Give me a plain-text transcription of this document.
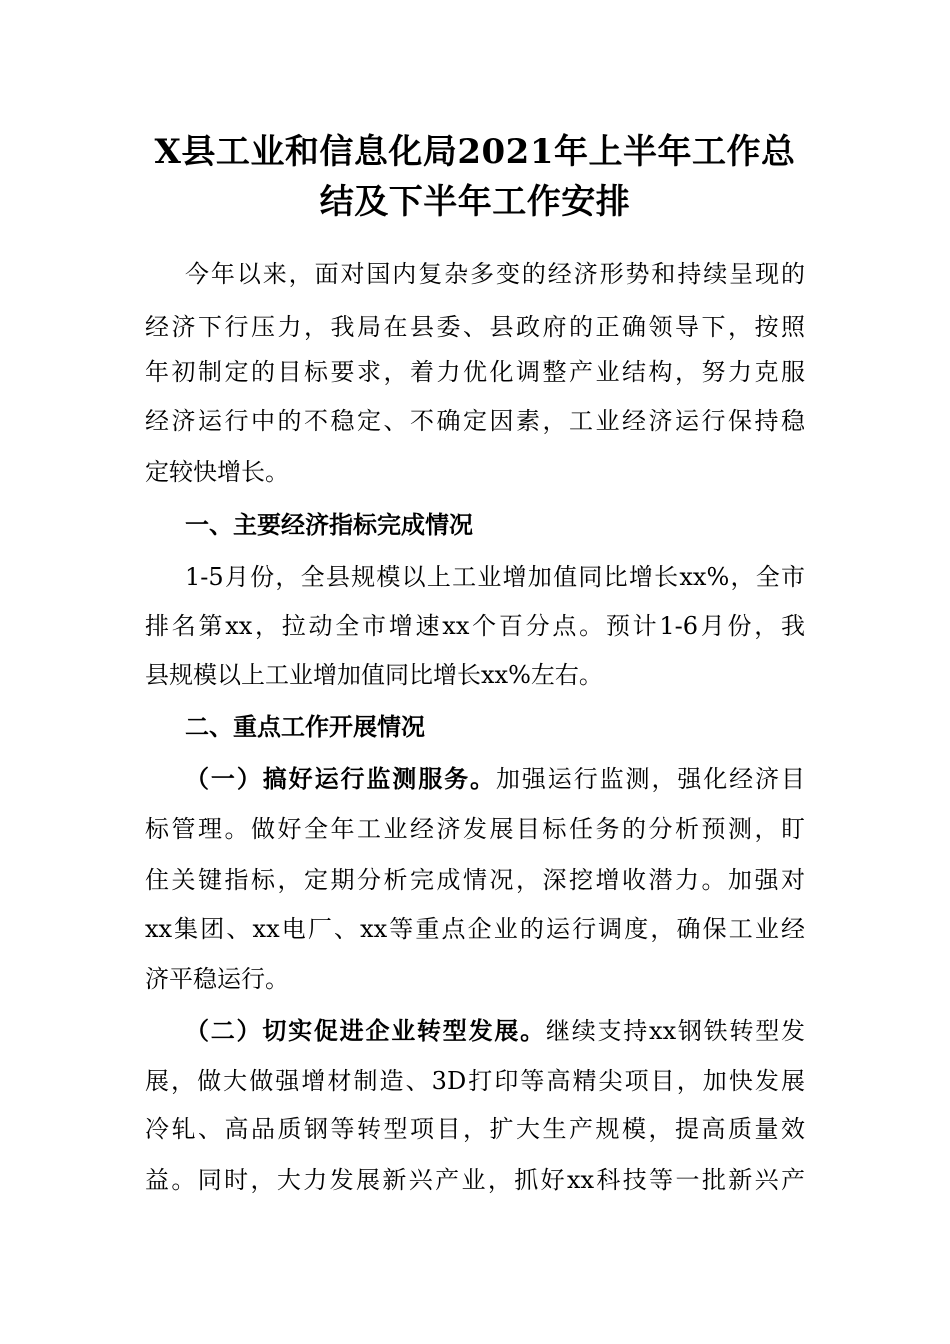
X县工业和信息化局2021年上半年工作总
结及下半年工作安排
今年以来，面对国内复杂多变的经济形势和持续呈现的
经济下行压力，我局在县委、县政府的正确领导下，按照
年初制定的目标要求，着力优化调整产业结构，努力克服
经济运行中的不稳定、不确定因素，工业经济运行保持稳
定较快增长。
一、主要经济指标完成情况
1-5月份，全县规模以上工业增加值同比增长xx%，全市
排名第xx，拉动全市增速xx个百分点。预计1-6月份，我
县规模以上工业增加值同比增长xx%左右。
二、重点工作开展情况
（一）搞好运行监测服务。加强运行监测，强化经济目
标管理。做好全年工业经济发展目标任务的分析预测，盯
住关键指标，定期分析完成情况，深挖增收潜力。加强对
xx集团、xx电厂、xx等重点企业的运行调度，确保工业经
济平稳运行。
（二）切实促进企业转型发展。继续支持xx钢铁转型发
展，做大做强增材制造、3D打印等高精尖项目，加快发展
冷轧、高品质钢等转型项目，扩大生产规模，提高质量效
益。同时，大力发展新兴产业，抓好xx科技等一批新兴产
